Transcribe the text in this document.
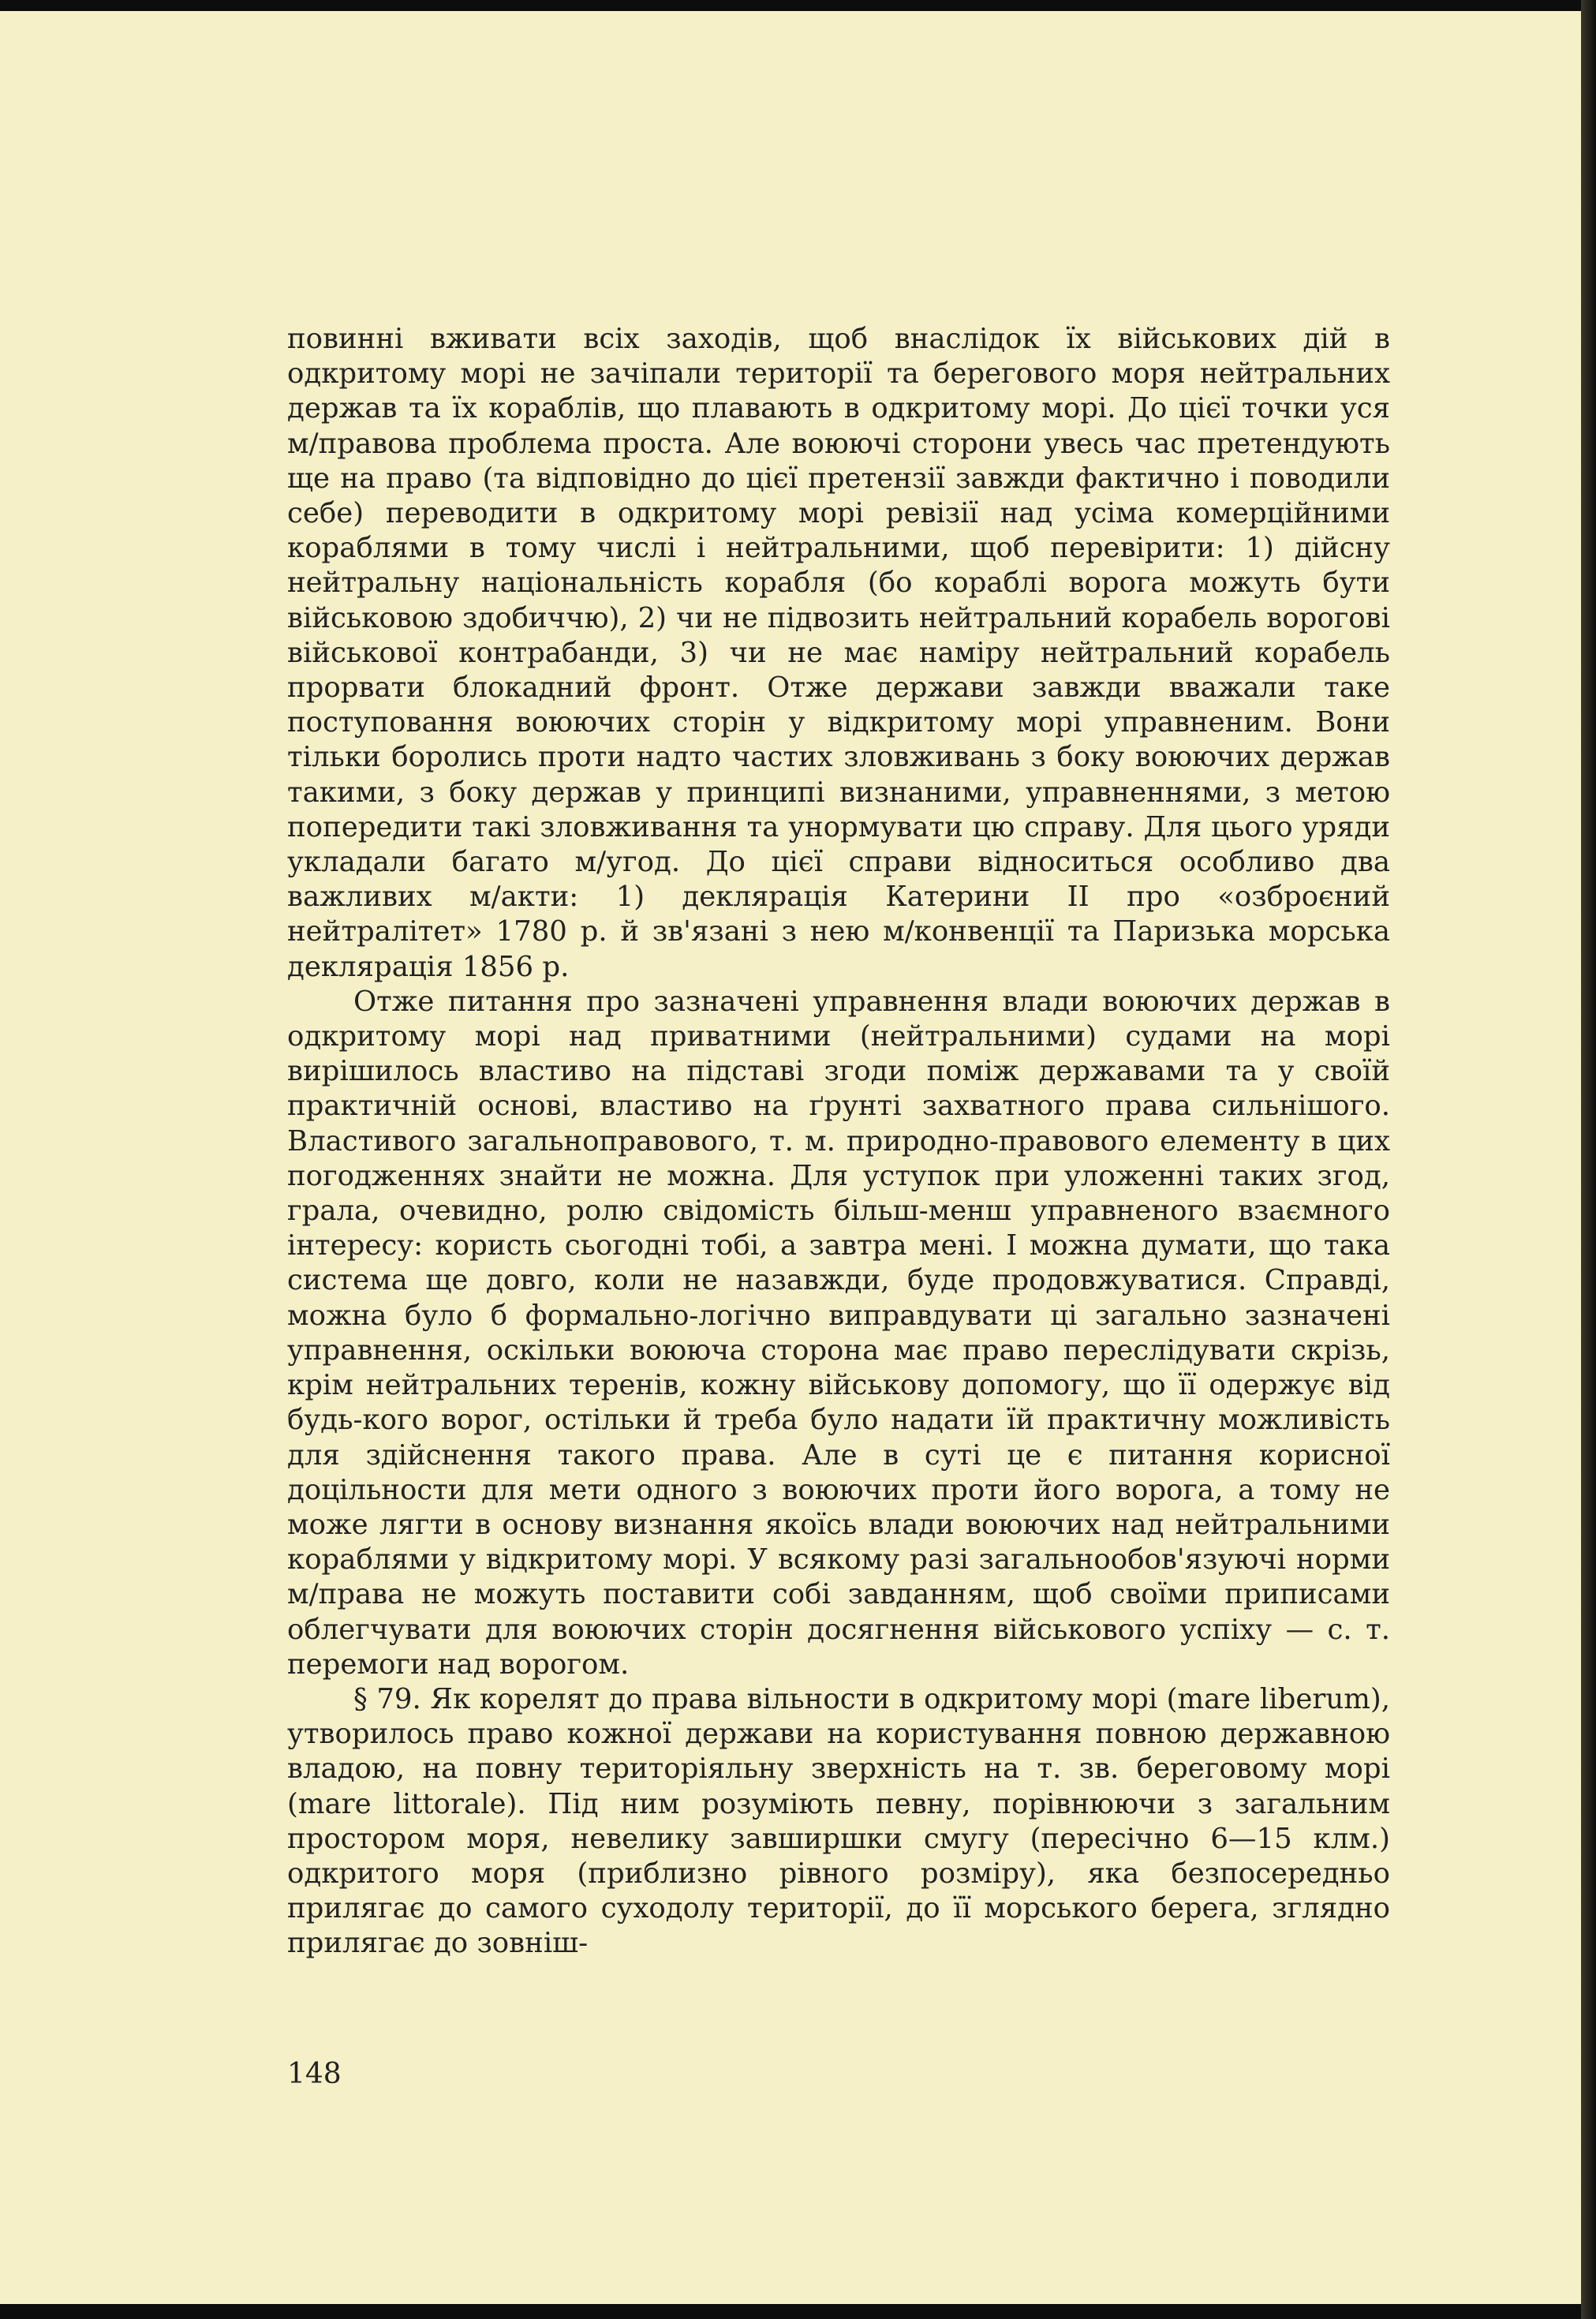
повинні вживати всіх заходів, щоб внаслідок їх військових дій в одкритому морі не зачіпали території та берегового моря нейтральних держав та їх кораблів, що плавають в одкритому морі. До цієї точки уся м/правова проблема проста. Але воюючі сторони увесь час претендують ще на право (та відповідно до цієї претензії завжди фактично і поводили себе) переводити в одкритому морі ревізії над усіма комерційними кораблями в тому числі і нейтральними, щоб перевірити: 1) дійсну нейтральну національність корабля (бо кораблі ворога можуть бути військовою здобиччю), 2) чи не підвозить нейтральний корабель ворогові військової контрабанди, 3) чи не має наміру нейтральний корабель прорвати блокадний фронт. Отже держави завжди вважали таке поступовання воюючих сторін у відкритому морі управненим. Вони тільки боролись проти надто частих зловживань з боку воюючих держав такими, з боку держав у принципі визнаними, управненнями, з метою попередити такі зловживання та унормувати цю справу. Для цього уряди укладали багато м/угод. До цієї справи відноситься особливо два важливих м/акти: 1) деклярація Катерини II про «озброєний нейтралітет» 1780 р. й зв'язані з нею м/конвенції та Паризька морська деклярація 1856 р.

Отже питання про зазначені управнення влади воюючих держав в одкритому морі над приватними (нейтральними) судами на морі вирішилось властиво на підставі згоди поміж державами та у своїй практичній основі, властиво на ґрунті захватного права сильнішого. Властивого загальноправового, т. м. природно-правового елементу в цих погодженнях знайти не можна. Для уступок при уложенні таких згод, грала, очевидно, ролю свідомість більш-менш управненого взаємного інтересу: користь сьогодні тобі, а завтра мені. І можна думати, що така система ще довго, коли не назавжди, буде продовжуватися. Справді, можна було б формально-логічно виправдувати ці загально зазначені управнення, оскільки воююча сторона має право переслідувати скрізь, крім нейтральних теренів, кожну військову допомогу, що її одержує від будь-кого ворог, остільки й треба було надати їй практичну можливість для здійснення такого права. Але в суті це є питання корисної доцільности для мети одного з воюючих проти його ворога, а тому не може лягти в основу визнання якоїсь влади воюючих над нейтральними кораблями у відкритому морі. У всякому разі загальнообов'язуючі норми м/права не можуть поставити собі завданням, щоб своїми приписами облегчувати для воюючих сторін досягнення військового успіху — с. т. перемоги над ворогом.

§ 79. Як корелят до права вільности в одкритому морі (mare liberum), утворилось право кожної держави на користування повною державною владою, на повну територіяльну зверхність на т. зв. береговому морі (mare littorale). Під ним розуміють певну, порівнюючи з загальним простором моря, невелику завширшки смугу (пересічно 6—15 клм.) одкритого моря (приблизно рівного розміру), яка безпосередньо прилягає до самого суходолу території, до її морського берега, зглядно прилягає до зовніш-

148
